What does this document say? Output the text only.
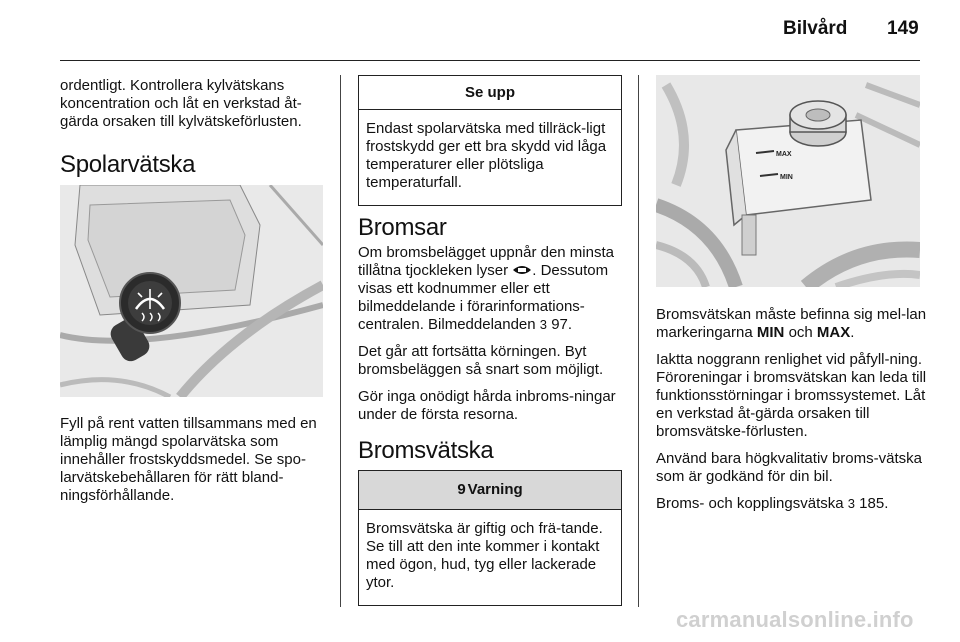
Bilvård 149
ordentligt. Kontrollera kylvätskans koncentration och låt en verkstad åt-gärda orsaken till kylvätskeförlusten.
Spolarvätska
Fyll på rent vatten tillsammans med en lämplig mängd spolarvätska som innehåller frostskyddsmedel. Se spo-larvätskebehållaren för rätt bland-ningsförhållande.
Se upp
Endast spolarvätska med tillräck-ligt frostskydd ger ett bra skydd vid låga temperaturer eller plötsliga temperaturfall.
Bromsar

Om bromsbelägget uppnår den minsta tillåtna tjockleken lyser . Dessutom visas ett kodnummer eller ett bilmeddelande i förarinformations-centralen. Bilmeddelanden 3 97.

Det går att fortsätta körningen. Byt bromsbeläggen så snart som möjligt.

Gör inga onödigt hårda inbroms-ningar under de första resorna.

Bromsvätska
9 Varning
Bromsvätska är giftig och frä-tande. Se till att den inte kommer i kontakt med ögon, hud, tyg eller lackerade ytor.
MAX
MIN

Bromsvätskan måste befinna sig mel-lan markeringarna MIN och MAX.

Iaktta noggrann renlighet vid påfyll-ning. Föroreningar i bromsvätskan kan leda till funktionsstörningar i bromssystemet. Låt en verkstad åt-gärda orsaken till bromsvätske-förlusten.

Använd bara högkvalitativ broms-vätska som är godkänd för din bil.

Broms- och kopplingsvätska 3 185.

carmanualsonline.info
